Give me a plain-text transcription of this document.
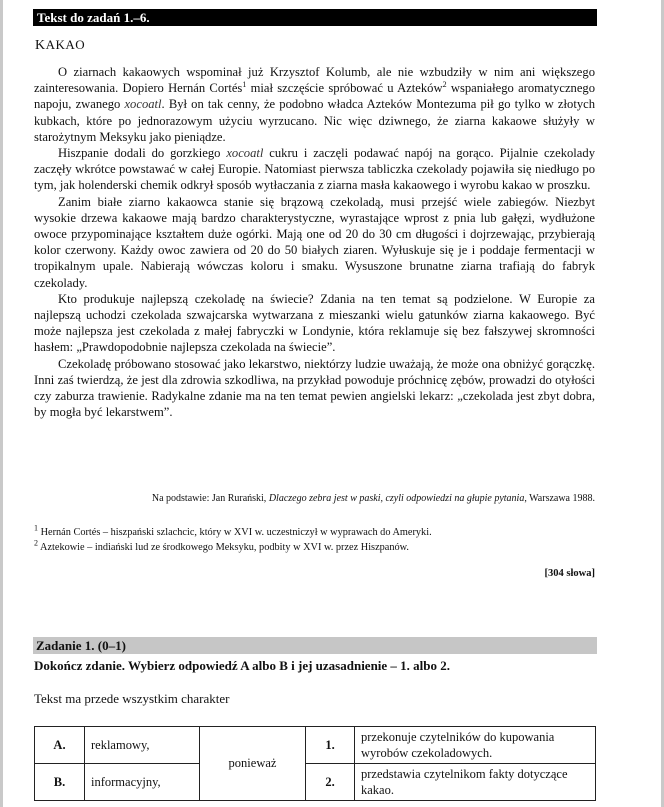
Tekst do zadań 1.–6.
KAKAO

O ziarnach kakaowych wspominał już Krzysztof Kolumb, ale nie wzbudziły w nim ani większego zainteresowania. Dopiero Hernán Cortés$^1$ miał szczęście spróbować u Azteków$^2$ wspaniałego aromatycznego napoju, zwanego xocoatl. Był on tak cenny, że podobno władca Azteków Montezuma pił go tylko w złotych kubkach, które po jednorazowym użyciu wyrzucano. Nic więc dziwnego, że ziarna kakaowe służyły w starożytnym Meksyku jako pieniądze.

Hiszpanie dodali do gorzkiego xocoatl cukru i zaczęli podawać napój na gorąco. Pijalnie czekolady zaczęły wkrótce powstawać w całej Europie. Natomiast pierwsza tabliczka czekolady pojawiła się niedługo po tym, jak holenderski chemik odkrył sposób wytłaczania z ziarna masła kakaowego i wyrobu kakao w proszku.

Zanim białe ziarno kakaowca stanie się brązową czekoladą, musi przejść wiele zabiegów. Niezbyt wysokie drzewa kakaowe mają bardzo charakterystyczne, wyrastające wprost z pnia lub gałęzi, wydłużone owoce przypominające kształtem duże ogórki. Mają one od 20 do 30 cm długości i dojrzewając, przybierają kolor czerwony. Każdy owoc zawiera od 20 do 50 białych ziaren. Wyłuskuje się je i poddaje fermentacji w tropikalnym upale. Nabierają wówczas koloru i smaku. Wysuszone brunatne ziarna trafiają do fabryk czekolady.

Kto produkuje najlepszą czekoladę na świecie? Zdania na ten temat są podzielone. W Europie za najlepszą uchodzi czekolada szwajcarska wytwarzana z mieszanki wielu gatunków ziarna kakaowego. Być może najlepsza jest czekolada z małej fabryczki w Londynie, która reklamuje się bez fałszywej skromności hasłem: „Prawdopodobnie najlepsza czekolada na świecie”.

Czekoladę próbowano stosować jako lekarstwo, niektórzy ludzie uważają, że może ona obniżyć gorączkę. Inni zaś twierdzą, że jest dla zdrowia szkodliwa, na przykład powoduje próchnicę zębów, prowadzi do otyłości czy zaburza trawienie. Radykalne zdanie ma na ten temat pewien angielski lekarz: „czekolada jest zbyt dobra, by mogła być lekarstwem”.

Na podstawie: Jan Rurański, Dlaczego zebra jest w paski, czyli odpowiedzi na głupie pytania, Warszawa 1988.
$^1$ Hernán Cortés – hiszpański szlachcic, który w XVI w. uczestniczył w wyprawach do Ameryki.
$^2$ Aztekowie – indiański lud ze środkowego Meksyku, podbity w XVI w. przez Hiszpanów.
[304 słowa]
Zadanie 1. (0–1)
Dokończ zdanie. Wybierz odpowiedź A albo B i jej uzasadnienie – 1. albo 2.
Tekst ma przede wszystkim charakter
A.	reklamowy,	ponieważ	1.	przekonuje czytelników do kupowania wyrobów czekoladowych.
B.	informacyjny,		2.	przedstawia czytelnikom fakty dotyczące kakao.
